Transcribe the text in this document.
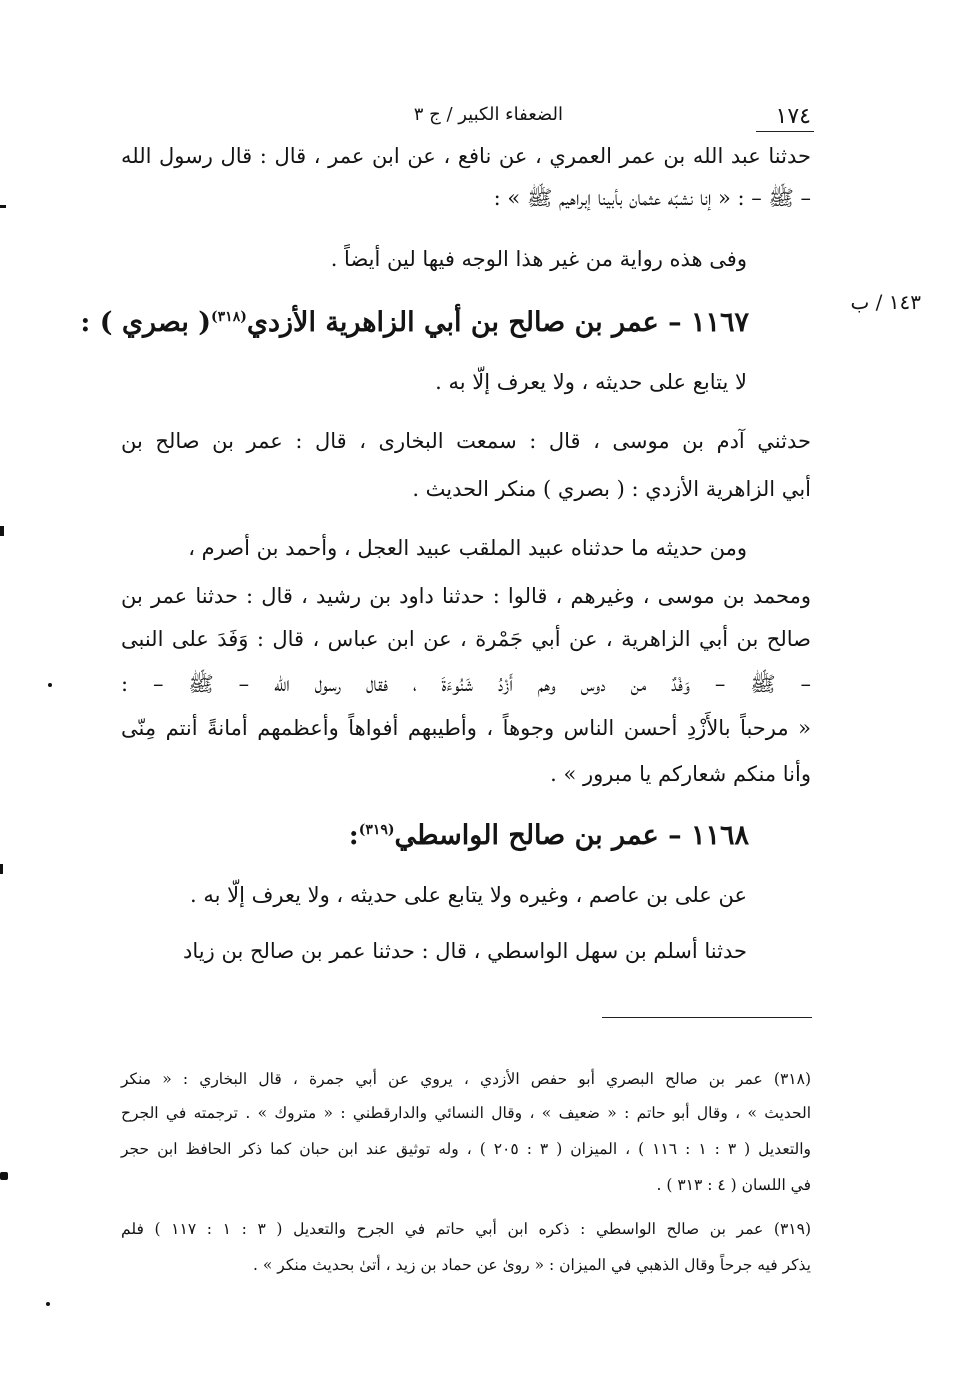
١٧٤
الضعفاء الكبير / ج ٣
١٤٣ / ب
حدثنا عبد الله بن عمر العمري ، عن نافع ، عن ابن عمر ، قال : قال رسول الله
– ﷺ – : « إنا نشبّه عثمان بأبينا إبراهيم ﷺ » :
وفى هذه رواية من غير هذا الوجه فيها لين أيضاً .
١١٦٧ – عمر بن صالح بن أبي الزاهرية الأزدي$^{(٣١٨)}$( بصري ) :
لا يتابع على حديثه ، ولا يعرف إلّا به .
حدثني آدم بن موسى ، قال : سمعت البخارى ، قال : عمر بن صالح بن
أبي الزاهرية الأزدي : ( بصري ) منكر الحديث .
ومن حديثه ما حدثناه عبيد الملقب عبيد العجل ، وأحمد بن أصرم ،
ومحمد بن موسى ، وغيرهم ، قالوا : حدثنا داود بن رشيد ، قال : حدثنا عمر بن
صالح بن أبي الزاهرية ، عن أبي جَمْرة ، عن ابن عباس ، قال : وَفَدَ على النبى
– ﷺ – وَفْدٌ من دوس وهم أَزْدُ شَنُوءَةَ ، فقال رسول الله – ﷺ – :
« مرحباً بالأَزْدِ أحسن الناس وجوهاً ، وأطيبهم أفواهاً وأعظمهم أمانةً أنتم مِنّى
وأنا منكم شعاركم يا مبرور » .
١١٦٨ – عمر بن صالح الواسطي$^{(٣١٩)}$:
عن على بن عاصم ، وغيره ولا يتابع على حديثه ، ولا يعرف إلّا به .
حدثنا أسلم بن سهل الواسطي ، قال : حدثنا عمر بن صالح بن زياد
(٣١٨) عمر بن صالح البصري أبو حفص الأزدي ، يروي عن أبي جمرة ، قال البخاري : « منكر
الحديث » ، وقال أبو حاتم : « ضعيف » ، وقال النسائي والدارقطني : « متروك » . ترجمته في الجرح
والتعديل ( ٣ : ١ : ١١٦ ) ، الميزان ( ٣ : ٢٠٥ ) ، وله توثيق عند ابن حبان كما ذكر الحافظ ابن حجر
في اللسان ( ٤ : ٣١٣ ) .
(٣١٩) عمر بن صالح الواسطي : ذكره ابن أبي حاتم في الجرح والتعديل ( ٣ : ١ : ١١٧ ) فلم
يذكر فيه جرحاً وقال الذهبي في الميزان : « روىٰ عن حماد بن زيد ، أتىٰ بحديث منكر » .
